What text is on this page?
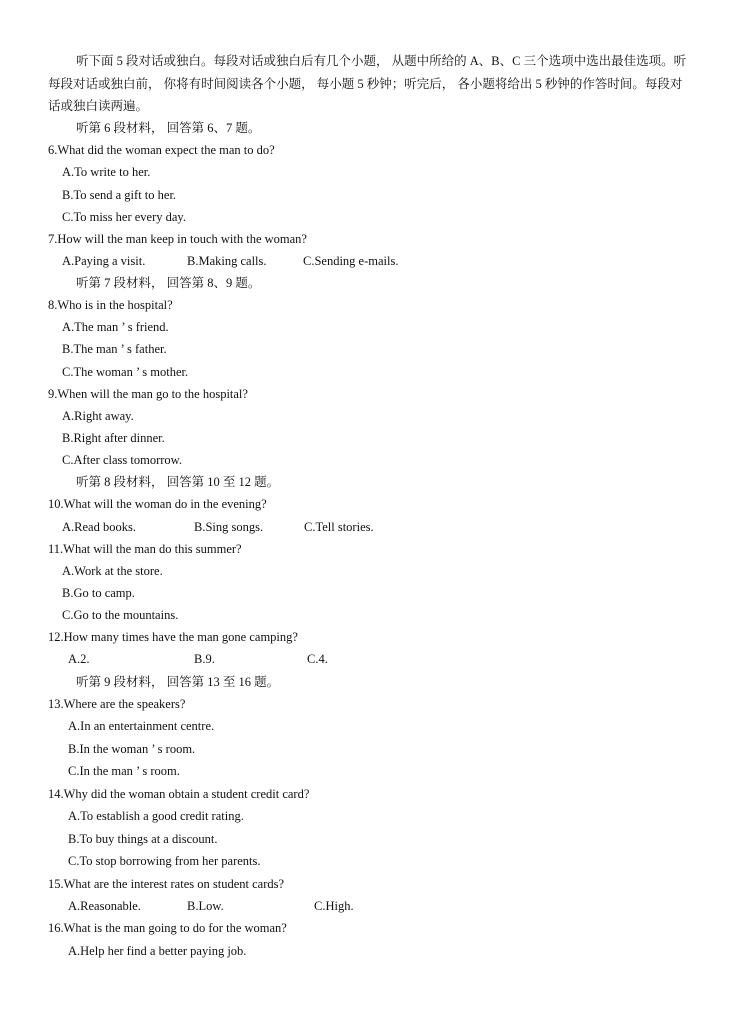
听下面 5 段对话或独白。每段对话或独白后有几个小题， 从题中所给的 A、B、C 三个选项中选出最佳选项。听每段对话或独白前， 你将有时间阅读各个小题， 每小题 5 秒钟；听完后， 各小题将给出 5 秒钟的作答时间。每段对话或独白读两遍。
听第 6 段材料， 回答第 6、7 题。
6.What did the woman expect the man to do?
A.To write to her.
B.To send a gift to her.
C.To miss her every day.
7.How will the man keep in touch with the woman?
A.Paying a visit.	B.Making calls.	C.Sending e-mails.
听第 7 段材料， 回答第 8、9 题。
8.Who is in the hospital?
A.The man ’ s friend.
B.The man ’ s father.
C.The woman ’ s mother.
9.When will the man go to the hospital?
A.Right away.
B.Right after dinner.
C.After class tomorrow.
听第 8 段材料， 回答第 10 至 12 题。
10.What will the woman do in the evening?
A.Read books.	B.Sing songs.	C.Tell stories.
11.What will the man do this summer?
A.Work at the store.
B.Go to camp.
C.Go to the mountains.
12.How many times have the man gone camping?
A.2.	B.9.	C.4.
听第 9 段材料， 回答第 13 至 16 题。
13.Where are the speakers?
A.In an entertainment centre.
B.In the woman ’ s room.
C.In the man ’ s room.
14.Why did the woman obtain a student credit card?
A.To establish a good credit rating.
B.To buy things at a discount.
C.To stop borrowing from her parents.
15.What are the interest rates on student cards?
A.Reasonable.	B.Low.	C.High.
16.What is the man going to do for the woman?
A.Help her find a better paying job.
